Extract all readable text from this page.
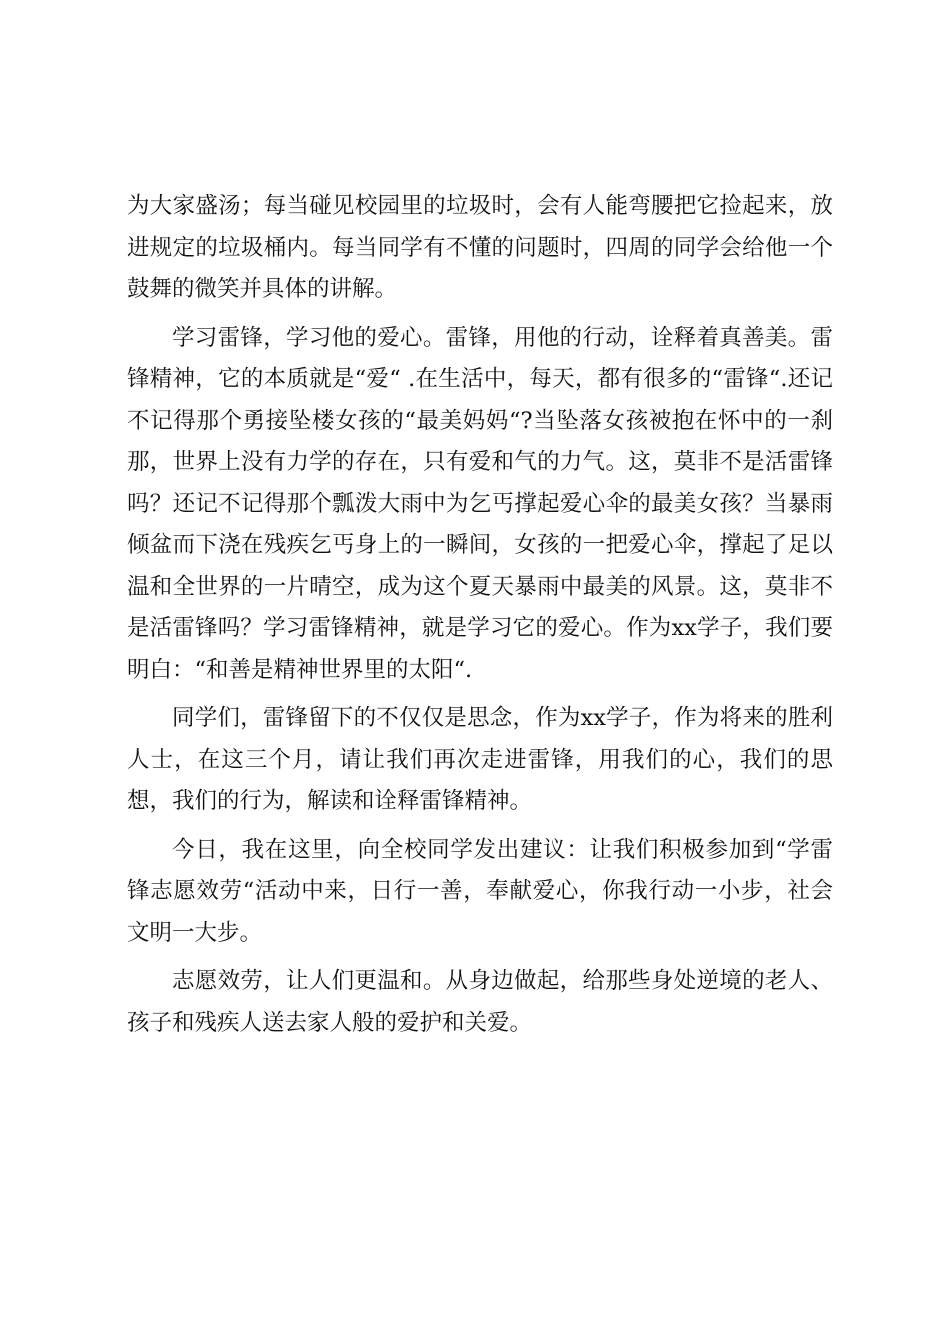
为大家盛汤；每当碰见校园里的垃圾时，会有人能弯腰把它捡起来，放进规定的垃圾桶内。每当同学有不懂的问题时，四周的同学会给他一个鼓舞的微笑并具体的讲解。

学习雷锋，学习他的爱心。雷锋，用他的行动，诠释着真善美。雷锋精神，它的本质就是“爱“ .在生活中，每天，都有很多的“雷锋“.还记不记得那个勇接坠楼女孩的“最美妈妈“?当坠落女孩被抱在怀中的一刹那，世界上没有力学的存在，只有爱和气的力气。这，莫非不是活雷锋吗？还记不记得那个瓢泼大雨中为乞丐撑起爱心伞的最美女孩？当暴雨倾盆而下浇在残疾乞丐身上的一瞬间，女孩的一把爱心伞，撑起了足以温和全世界的一片晴空，成为这个夏天暴雨中最美的风景。这，莫非不是活雷锋吗？学习雷锋精神，就是学习它的爱心。作为xx学子，我们要明白：“和善是精神世界里的太阳“.

同学们，雷锋留下的不仅仅是思念，作为xx学子，作为将来的胜利人士，在这三个月，请让我们再次走进雷锋，用我们的心，我们的思想，我们的行为，解读和诠释雷锋精神。

今日，我在这里，向全校同学发出建议：让我们积极参加到“学雷锋志愿效劳“活动中来，日行一善，奉献爱心，你我行动一小步，社会文明一大步。

志愿效劳，让人们更温和。从身边做起，给那些身处逆境的老人、孩子和残疾人送去家人般的爱护和关爱。
